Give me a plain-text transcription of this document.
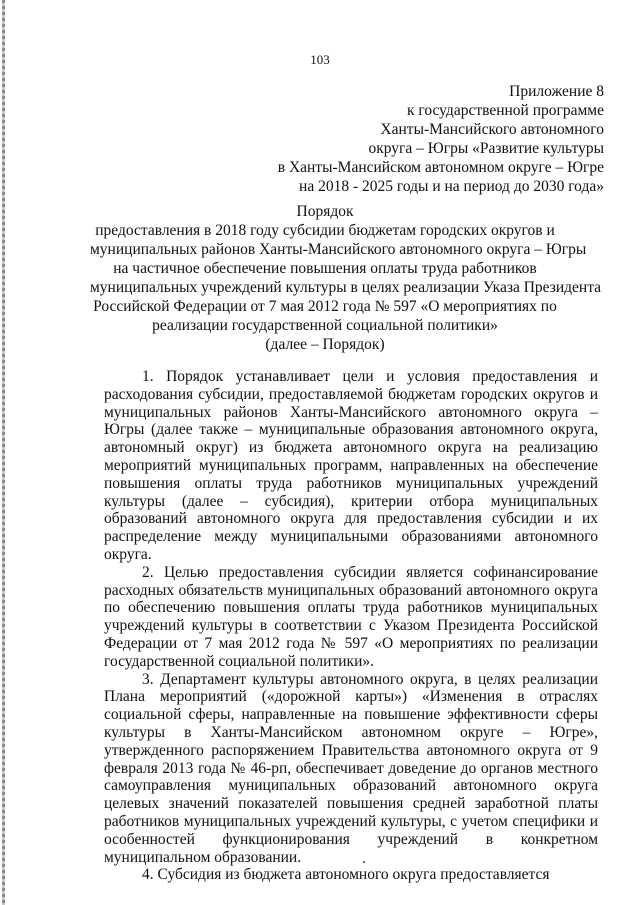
103
Приложение 8
к государственной программе
Ханты-Мансийского автономного
округа – Югры «Развитие культуры
в Ханты-Мансийском автономном округе – Югре
на 2018 - 2025 годы и на период до 2030 года»
Порядок
предоставления в 2018 году субсидии бюджетам городских округов и
муниципальных районов Ханты-Мансийского автономного округа – Югры
на частичное обеспечение повышения оплаты труда работников
муниципальных учреждений культуры в целях реализации Указа Президента
Российской Федерации от 7 мая 2012 года № 597 «О мероприятиях по
реализации государственной социальной политики»
(далее – Порядок)

1. Порядок устанавливает цели и условия предоставления и расходования субсидии, предоставляемой бюджетам городских округов и муниципальных районов Ханты-Мансийского автономного округа – Югры (далее также – муниципальные образования автономного округа, автономный округ) из бюджета автономного округа на реализацию мероприятий муниципальных программ, направленных на обеспечение повышения оплаты труда работников муниципальных учреждений культуры (далее – субсидия), критерии отбора муниципальных образований автономного округа для предоставления субсидии и их распределение между муниципальными образованиями автономного округа.

2. Целью предоставления субсидии является софинансирование расходных обязательств муниципальных образований автономного округа по обеспечению повышения оплаты труда работников муниципальных учреждений культуры в соответствии с Указом Президента Российской Федерации от 7 мая 2012 года № 597 «О мероприятиях по реализации государственной социальной политики».

3. Департамент культуры автономного округа, в целях реализации Плана мероприятий («дорожной карты») «Изменения в отраслях социальной сферы, направленные на повышение эффективности сферы культуры в Ханты-Мансийском автономном округе – Югре», утвержденного распоряжением Правительства автономного округа от 9 февраля 2013 года № 46-рп, обеспечивает доведение до органов местного самоуправления муниципальных образований автономного округа целевых значений показателей повышения средней заработной платы работников муниципальных учреждений культуры, с учетом специфики и особенностей функционирования учреждений в конкретном муниципальном образовании.

4. Субсидия из бюджета автономного округа предоставляется
